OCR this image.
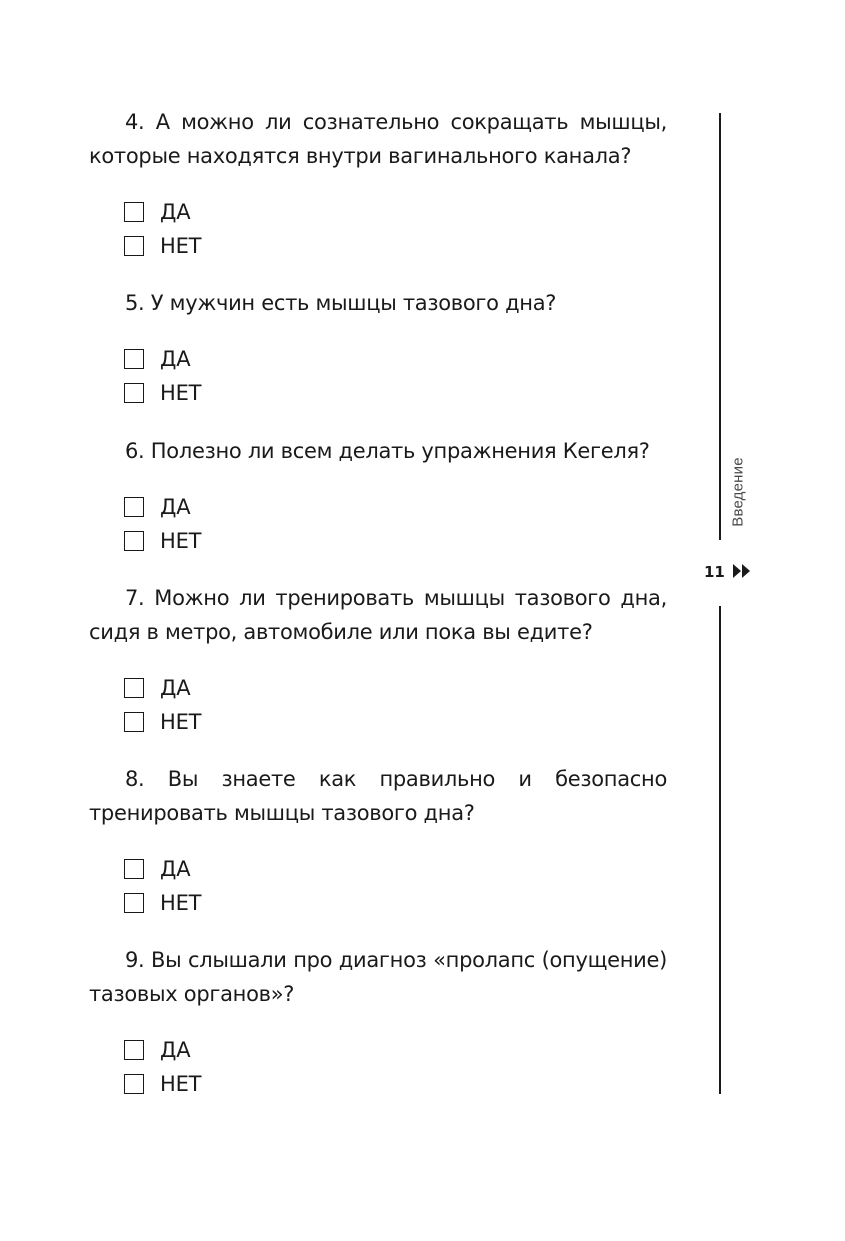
4. А можно ли сознательно сокращать мышцы, которые находятся внутри вагинального канала?

ДА
НЕТ

5. У мужчин есть мышцы тазового дна?

ДА
НЕТ

6. Полезно ли всем делать упражнения Кегеля?

ДА
НЕТ

7. Можно ли тренировать мышцы тазового дна, сидя в метро, автомобиле или пока вы едите?

ДА
НЕТ

8. Вы знаете как правильно и безопасно тренировать мышцы тазового дна?

ДА
НЕТ

9. Вы слышали про диагноз «пролапс (опущение) тазовых органов»?

ДА
НЕТ
Введение
11
